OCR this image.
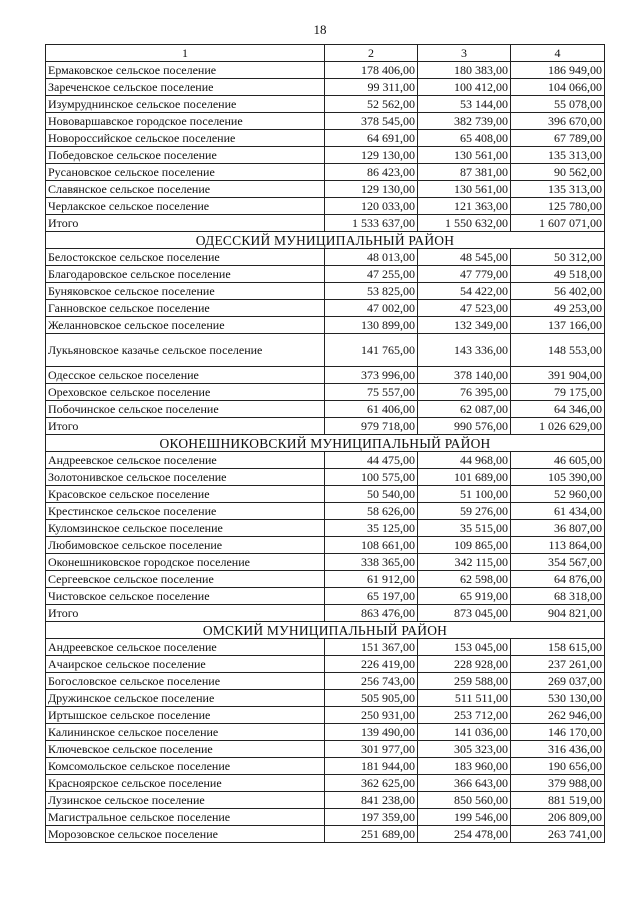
18
1	2	3	4
Ермаковское сельское поселение	178 406,00	180 383,00	186 949,00
Зареченское сельское поселение	99 311,00	100 412,00	104 066,00
Изумруднинское сельское поселение	52 562,00	53 144,00	55 078,00
Нововаршавское городское поселение	378 545,00	382 739,00	396 670,00
Новороссийское сельское поселение	64 691,00	65 408,00	67 789,00
Победовское сельское поселение	129 130,00	130 561,00	135 313,00
Русановское сельское поселение	86 423,00	87 381,00	90 562,00
Славянское сельское поселение	129 130,00	130 561,00	135 313,00
Черлакское сельское поселение	120 033,00	121 363,00	125 780,00
Итого	1 533 637,00	1 550 632,00	1 607 071,00
ОДЕССКИЙ МУНИЦИПАЛЬНЫЙ РАЙОН			
Белостокское сельское поселение	48 013,00	48 545,00	50 312,00
Благодаровское сельское поселение	47 255,00	47 779,00	49 518,00
Буняковское сельское поселение	53 825,00	54 422,00	56 402,00
Ганновское сельское поселение	47 002,00	47 523,00	49 253,00
Желанновское сельское поселение	130 899,00	132 349,00	137 166,00
Лукьяновское казачье сельское поселение	141 765,00	143 336,00	148 553,00
Одесское сельское поселение	373 996,00	378 140,00	391 904,00
Ореховское сельское поселение	75 557,00	76 395,00	79 175,00
Побочинское сельское поселение	61 406,00	62 087,00	64 346,00
Итого	979 718,00	990 576,00	1 026 629,00
ОКОНЕШНИКОВСКИЙ МУНИЦИПАЛЬНЫЙ РАЙОН			
Андреевское сельское поселение	44 475,00	44 968,00	46 605,00
Золотонивское сельское поселение	100 575,00	101 689,00	105 390,00
Красовское сельское поселение	50 540,00	51 100,00	52 960,00
Крестинское сельское поселение	58 626,00	59 276,00	61 434,00
Куломзинское сельское поселение	35 125,00	35 515,00	36 807,00
Любимовское сельское поселение	108 661,00	109 865,00	113 864,00
Оконешниковское городское поселение	338 365,00	342 115,00	354 567,00
Сергеевское сельское поселение	61 912,00	62 598,00	64 876,00
Чистовское сельское поселение	65 197,00	65 919,00	68 318,00
Итого	863 476,00	873 045,00	904 821,00
ОМСКИЙ МУНИЦИПАЛЬНЫЙ РАЙОН			
Андреевское сельское поселение	151 367,00	153 045,00	158 615,00
Ачаирское сельское поселение	226 419,00	228 928,00	237 261,00
Богословское сельское поселение	256 743,00	259 588,00	269 037,00
Дружинское сельское поселение	505 905,00	511 511,00	530 130,00
Иртышское сельское поселение	250 931,00	253 712,00	262 946,00
Калининское сельское поселение	139 490,00	141 036,00	146 170,00
Ключевское сельское поселение	301 977,00	305 323,00	316 436,00
Комсомольское сельское поселение	181 944,00	183 960,00	190 656,00
Красноярское сельское поселение	362 625,00	366 643,00	379 988,00
Лузинское сельское поселение	841 238,00	850 560,00	881 519,00
Магистральное сельское поселение	197 359,00	199 546,00	206 809,00
Морозовское сельское поселение	251 689,00	254 478,00	263 741,00
